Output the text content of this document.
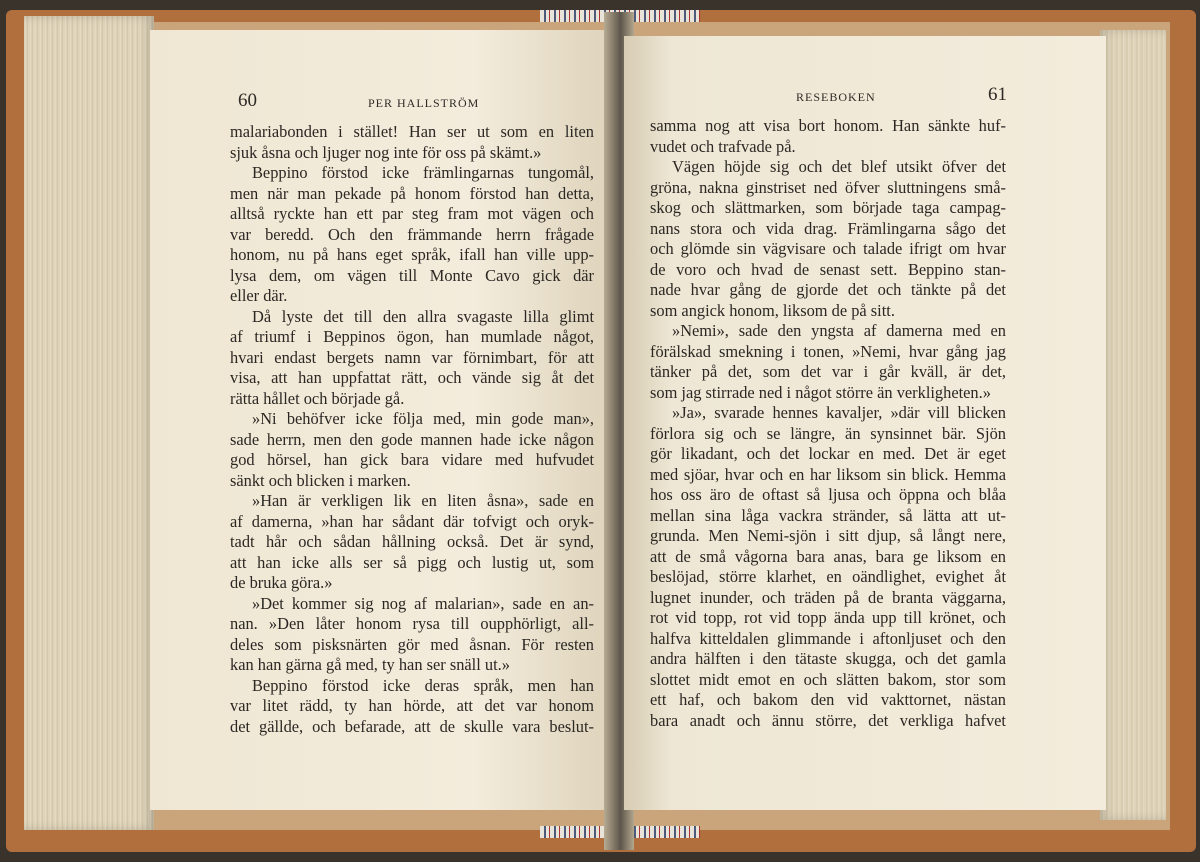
60	PER HALLSTRÖM
malariabonden i stället! Han ser ut som en liten
sjuk åsna och ljuger nog inte för oss på skämt.»
Beppino förstod icke främlingarnas tungomål,
men när man pekade på honom förstod han detta,
alltså ryckte han ett par steg fram mot vägen och
var beredd. Och den främmande herrn frågade
honom, nu på hans eget språk, ifall han ville upp-
lysa dem, om vägen till Monte Cavo gick där
eller där.
Då lyste det till den allra svagaste lilla glimt
af triumf i Beppinos ögon, han mumlade något,
hvari endast bergets namn var förnimbart, för att
visa, att han uppfattat rätt, och vände sig åt det
rätta hållet och började gå.
»Ni behöfver icke följa med, min gode man»,
sade herrn, men den gode mannen hade icke någon
god hörsel, han gick bara vidare med hufvudet
sänkt och blicken i marken.
»Han är verkligen lik en liten åsna», sade en
af damerna, »han har sådant där tofvigt och oryk-
tadt hår och sådan hållning också. Det är synd,
att han icke alls ser så pigg och lustig ut, som
de bruka göra.»
»Det kommer sig nog af malarian», sade en an-
nan. »Den låter honom rysa till oupphörligt, all-
deles som pisksnärten gör med åsnan. För resten
kan han gärna gå med, ty han ser snäll ut.»
Beppino förstod icke deras språk, men han
var litet rädd, ty han hörde, att det var honom
det gällde, och befarade, att de skulle vara beslut-
RESEBOKEN	61
samma nog att visa bort honom. Han sänkte huf-
vudet och trafvade på.
Vägen höjde sig och det blef utsikt öfver det
gröna, nakna ginstriset ned öfver sluttningens små-
skog och slättmarken, som började taga campag-
nans stora och vida drag. Främlingarna sågo det
och glömde sin vägvisare och talade ifrigt om hvar
de voro och hvad de senast sett. Beppino stan-
nade hvar gång de gjorde det och tänkte på det
som angick honom, liksom de på sitt.
»Nemi», sade den yngsta af damerna med en
förälskad smekning i tonen, »Nemi, hvar gång jag
tänker på det, som det var i går kväll, är det,
som jag stirrade ned i något större än verkligheten.»
»Ja», svarade hennes kavaljer, »där vill blicken
förlora sig och se längre, än synsinnet bär. Sjön
gör likadant, och det lockar en med. Det är eget
med sjöar, hvar och en har liksom sin blick. Hemma
hos oss äro de oftast så ljusa och öppna och blåa
mellan sina låga vackra stränder, så lätta att ut-
grunda. Men Nemi-sjön i sitt djup, så långt nere,
att de små vågorna bara anas, bara ge liksom en
beslöjad, större klarhet, en oändlighet, evighet åt
lugnet inunder, och träden på de branta väggarna,
rot vid topp, rot vid topp ända upp till krönet, och
halfva kitteldalen glimmande i aftonljuset och den
andra hälften i den tätaste skugga, och det gamla
slottet midt emot en och slätten bakom, stor som
ett haf, och bakom den vid vakttornet, nästan
bara anadt och ännu större, det verkliga hafvet
